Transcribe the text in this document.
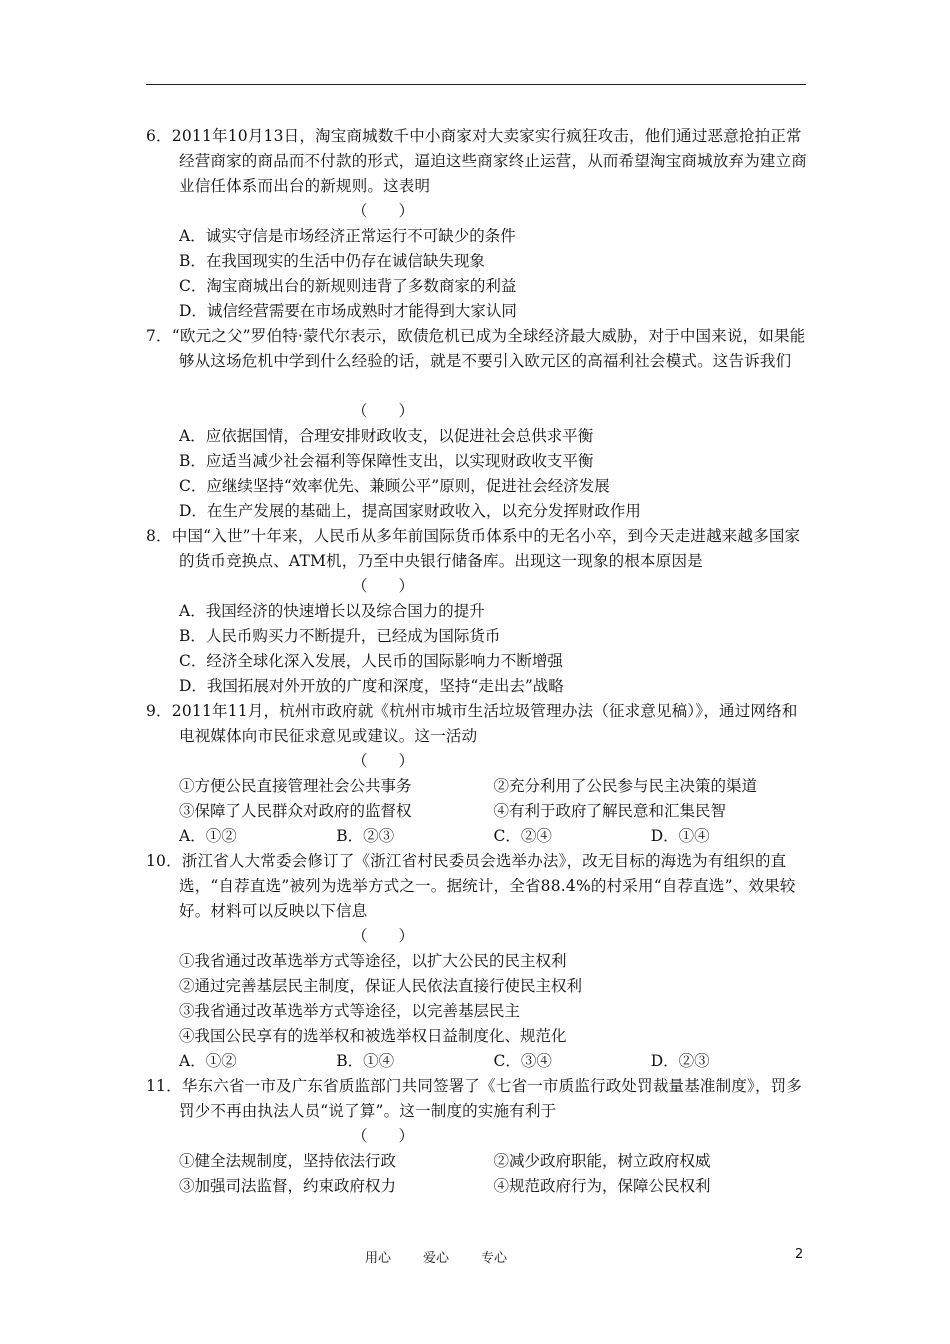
6．2011年10月13日，淘宝商城数千中小商家对大卖家实行疯狂攻击，他们通过恶意抢拍正常经营商家的商品而不付款的形式，逼迫这些商家终止运营，从而希望淘宝商城放弃为建立商业信任体系而出台的新规则。这表明

（　　）

A．诚实守信是市场经济正常运行不可缺少的条件

B．在我国现实的生活中仍存在诚信缺失现象

C．淘宝商城出台的新规则违背了多数商家的利益

D．诚信经营需要在市场成熟时才能得到大家认同

7．“欧元之父”罗伯特·蒙代尔表示，欧债危机已成为全球经济最大威胁，对于中国来说，如果能够从这场危机中学到什么经验的话，就是不要引入欧元区的高福利社会模式。这告诉我们

（　　）

A．应依据国情，合理安排财政收支，以促进社会总供求平衡

B．应适当减少社会福利等保障性支出，以实现财政收支平衡

C．应继续坚持“效率优先、兼顾公平”原则，促进社会经济发展

D．在生产发展的基础上，提高国家财政收入，以充分发挥财政作用

8．中国“入世”十年来，人民币从多年前国际货币体系中的无名小卒，到今天走进越来越多国家的货币竞换点、ATM机，乃至中央银行储备库。出现这一现象的根本原因是

（　　）

A．我国经济的快速增长以及综合国力的提升

B．人民币购买力不断提升，已经成为国际货币

C．经济全球化深入发展，人民币的国际影响力不断增强

D．我国拓展对外开放的广度和深度，坚持“走出去”战略

9．2011年11月，杭州市政府就《杭州市城市生活垃圾管理办法（征求意见稿）》，通过网络和电视媒体向市民征求意见或建议。这一活动

（　　）

①方便公民直接管理社会公共事务	②充分利用了公民参与民主决策的渠道
③保障了人民群众对政府的监督权	④有利于政府了解民意和汇集民智
A．①②	B．②③	C．②④	D．①④

10．浙江省人大常委会修订了《浙江省村民委员会选举办法》，改无目标的海选为有组织的直选，“自荐直选”被列为选举方式之一。据统计，全省88.4%的村采用“自荐直选”、效果较好。材料可以反映以下信息

（　　）

①我省通过改革选举方式等途径，以扩大公民的民主权利

②通过完善基层民主制度，保证人民依法直接行使民主权利

③我省通过改革选举方式等途径，以完善基层民主

④我国公民享有的选举权和被选举权日益制度化、规范化

A．①②	B．①④	C．③④	D．②③

11．华东六省一市及广东省质监部门共同签署了《七省一市质监行政处罚裁量基准制度》，罚多罚少不再由执法人员“说了算”。这一制度的实施有利于

（　　）

①健全法规制度，坚持依法行政	②减少政府职能，树立政府权威
③加强司法监督，约束政府权力	④规范政府行为，保障公民权利
用心 爱心 专心	2
